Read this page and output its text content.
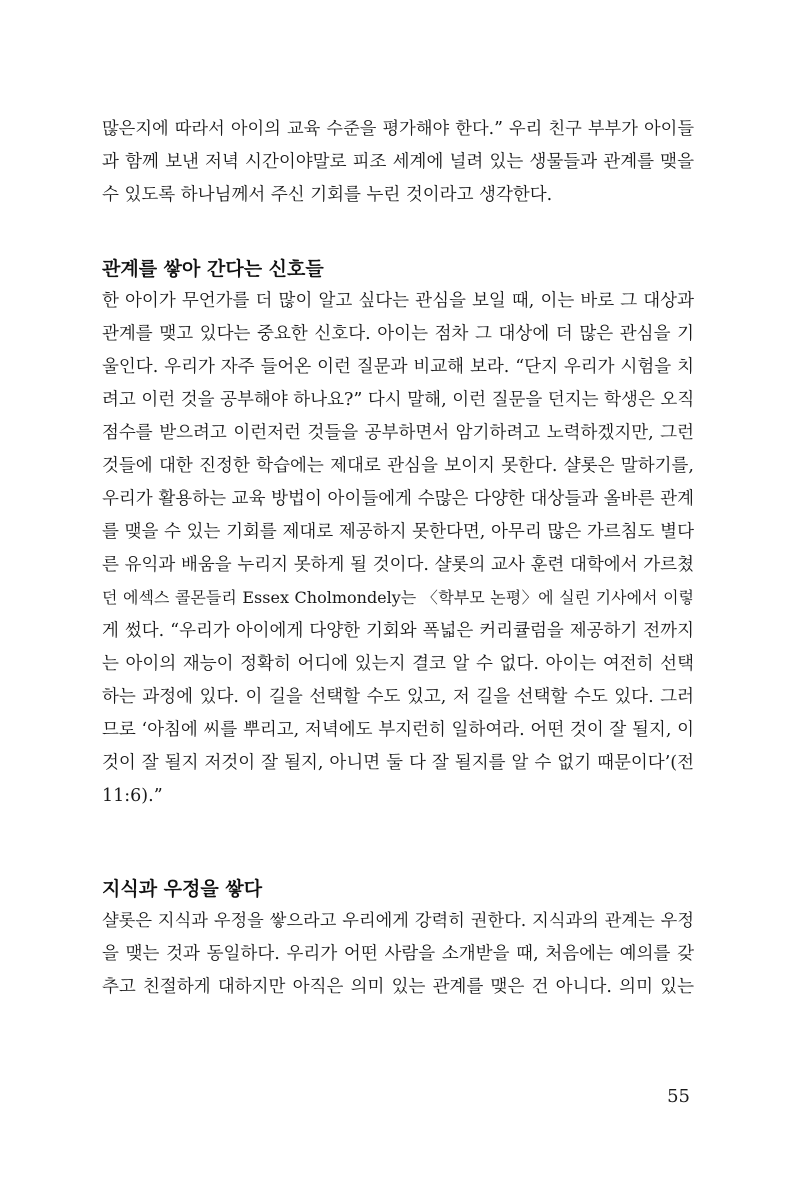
많은지에 따라서 아이의 교육 수준을 평가해야 한다.” 우리 친구 부부가 아이들
과 함께 보낸 저녁 시간이야말로 피조 세계에 널려 있는 생물들과 관계를 맺을
수 있도록 하나님께서 주신 기회를 누린 것이라고 생각한다.
관계를 쌓아 간다는 신호들
한 아이가 무언가를 더 많이 알고 싶다는 관심을 보일 때, 이는 바로 그 대상과
관계를 맺고 있다는 중요한 신호다. 아이는 점차 그 대상에 더 많은 관심을 기
울인다. 우리가 자주 들어온 이런 질문과 비교해 보라. “단지 우리가 시험을 치
려고 이런 것을 공부해야 하나요?” 다시 말해, 이런 질문을 던지는 학생은 오직
점수를 받으려고 이런저런 것들을 공부하면서 암기하려고 노력하겠지만, 그런
것들에 대한 진정한 학습에는 제대로 관심을 보이지 못한다. 샬롯은 말하기를,
우리가 활용하는 교육 방법이 아이들에게 수많은 다양한 대상들과 올바른 관계
를 맺을 수 있는 기회를 제대로 제공하지 못한다면, 아무리 많은 가르침도 별다
른 유익과 배움을 누리지 못하게 될 것이다. 샬롯의 교사 훈련 대학에서 가르쳤
던 에섹스 콜몬들리 Essex Cholmondely는 〈학부모 논평〉에 실린 기사에서 이렇
게 썼다. “우리가 아이에게 다양한 기회와 폭넓은 커리큘럼을 제공하기 전까지
는 아이의 재능이 정확히 어디에 있는지 결코 알 수 없다. 아이는 여전히 선택
하는 과정에 있다. 이 길을 선택할 수도 있고, 저 길을 선택할 수도 있다. 그러
므로 ‘아침에 씨를 뿌리고, 저녁에도 부지런히 일하여라. 어떤 것이 잘 될지, 이
것이 잘 될지 저것이 잘 될지, 아니면 둘 다 잘 될지를 알 수 없기 때문이다’(전
11:6).”
지식과 우정을 쌓다
샬롯은 지식과 우정을 쌓으라고 우리에게 강력히 권한다. 지식과의 관계는 우정
을 맺는 것과 동일하다. 우리가 어떤 사람을 소개받을 때, 처음에는 예의를 갖
추고 친절하게 대하지만 아직은 의미 있는 관계를 맺은 건 아니다. 의미 있는
55
